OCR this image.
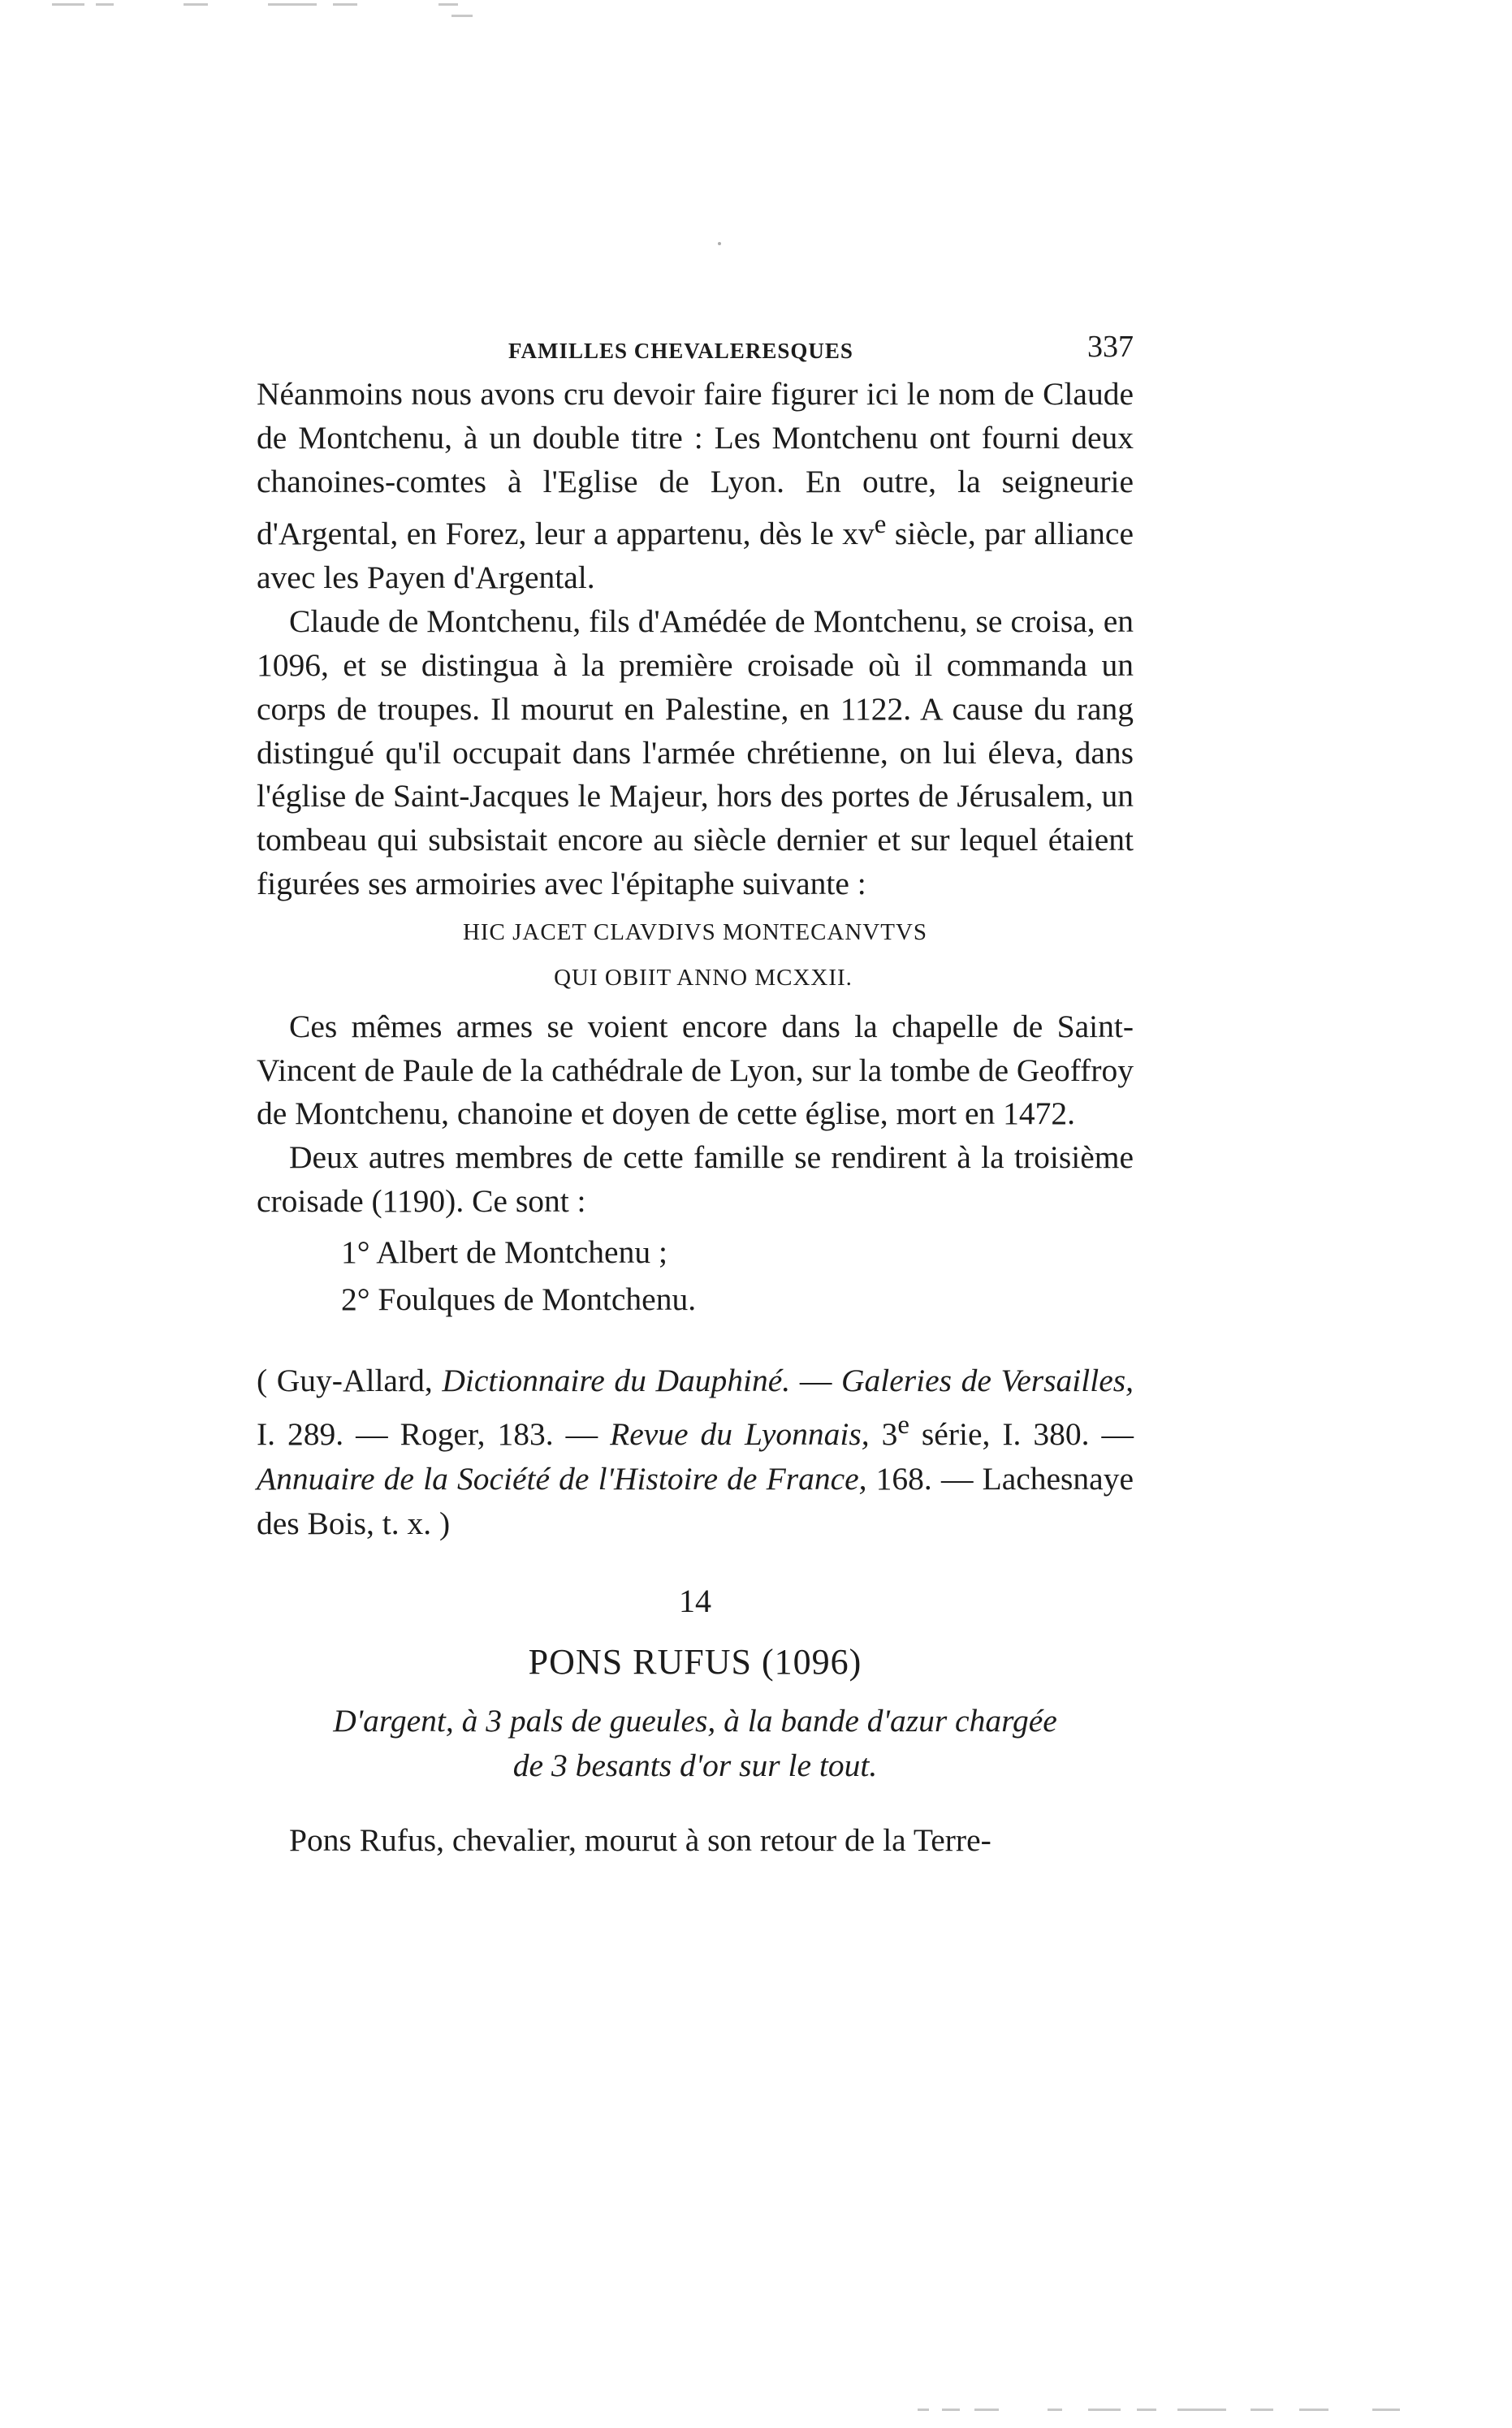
FAMILLES CHEVALERESQUES	337

Néanmoins nous avons cru devoir faire figurer ici le nom de Claude de Montchenu, à un double titre : Les Montchenu ont fourni deux chanoines-comtes à l'Eglise de Lyon. En outre, la seigneurie d'Argental, en Forez, leur a appartenu, dès le $xv^e$ siècle, par alliance avec les Payen d'Argental.

Claude de Montchenu, fils d'Amédée de Montchenu, se croisa, en 1096, et se distingua à la première croisade où il commanda un corps de troupes. Il mourut en Palestine, en 1122. A cause du rang distingué qu'il occupait dans l'armée chrétienne, on lui éleva, dans l'église de Saint-Jacques le Majeur, hors des portes de Jérusalem, un tombeau qui subsistait encore au siècle dernier et sur lequel étaient figurées ses armoiries avec l'épitaphe suivante :

HIC JACET CLAVDIVS MONTECANVTVS
QUI OBIIT ANNO MCXXII.

Ces mêmes armes se voient encore dans la chapelle de Saint-Vincent de Paule de la cathédrale de Lyon, sur la tombe de Geoffroy de Montchenu, chanoine et doyen de cette église, mort en 1472.

Deux autres membres de cette famille se rendirent à la troisième croisade (1190). Ce sont :

1° Albert de Montchenu ;
2° Foulques de Montchenu.
( Guy-Allard, Dictionnaire du Dauphiné. — Galeries de Versailles, I. 289. — Roger, 183. — Revue du Lyonnais, 3e série, I. 380. — Annuaire de la Société de l'Histoire de France, 168. — Lachesnaye des Bois, t. x. )
14
PONS RUFUS (1096)
D'argent, à 3 pals de gueules, à la bande d'azur chargée
de 3 besants d'or sur le tout.

Pons Rufus, chevalier, mourut à son retour de la Terre-
